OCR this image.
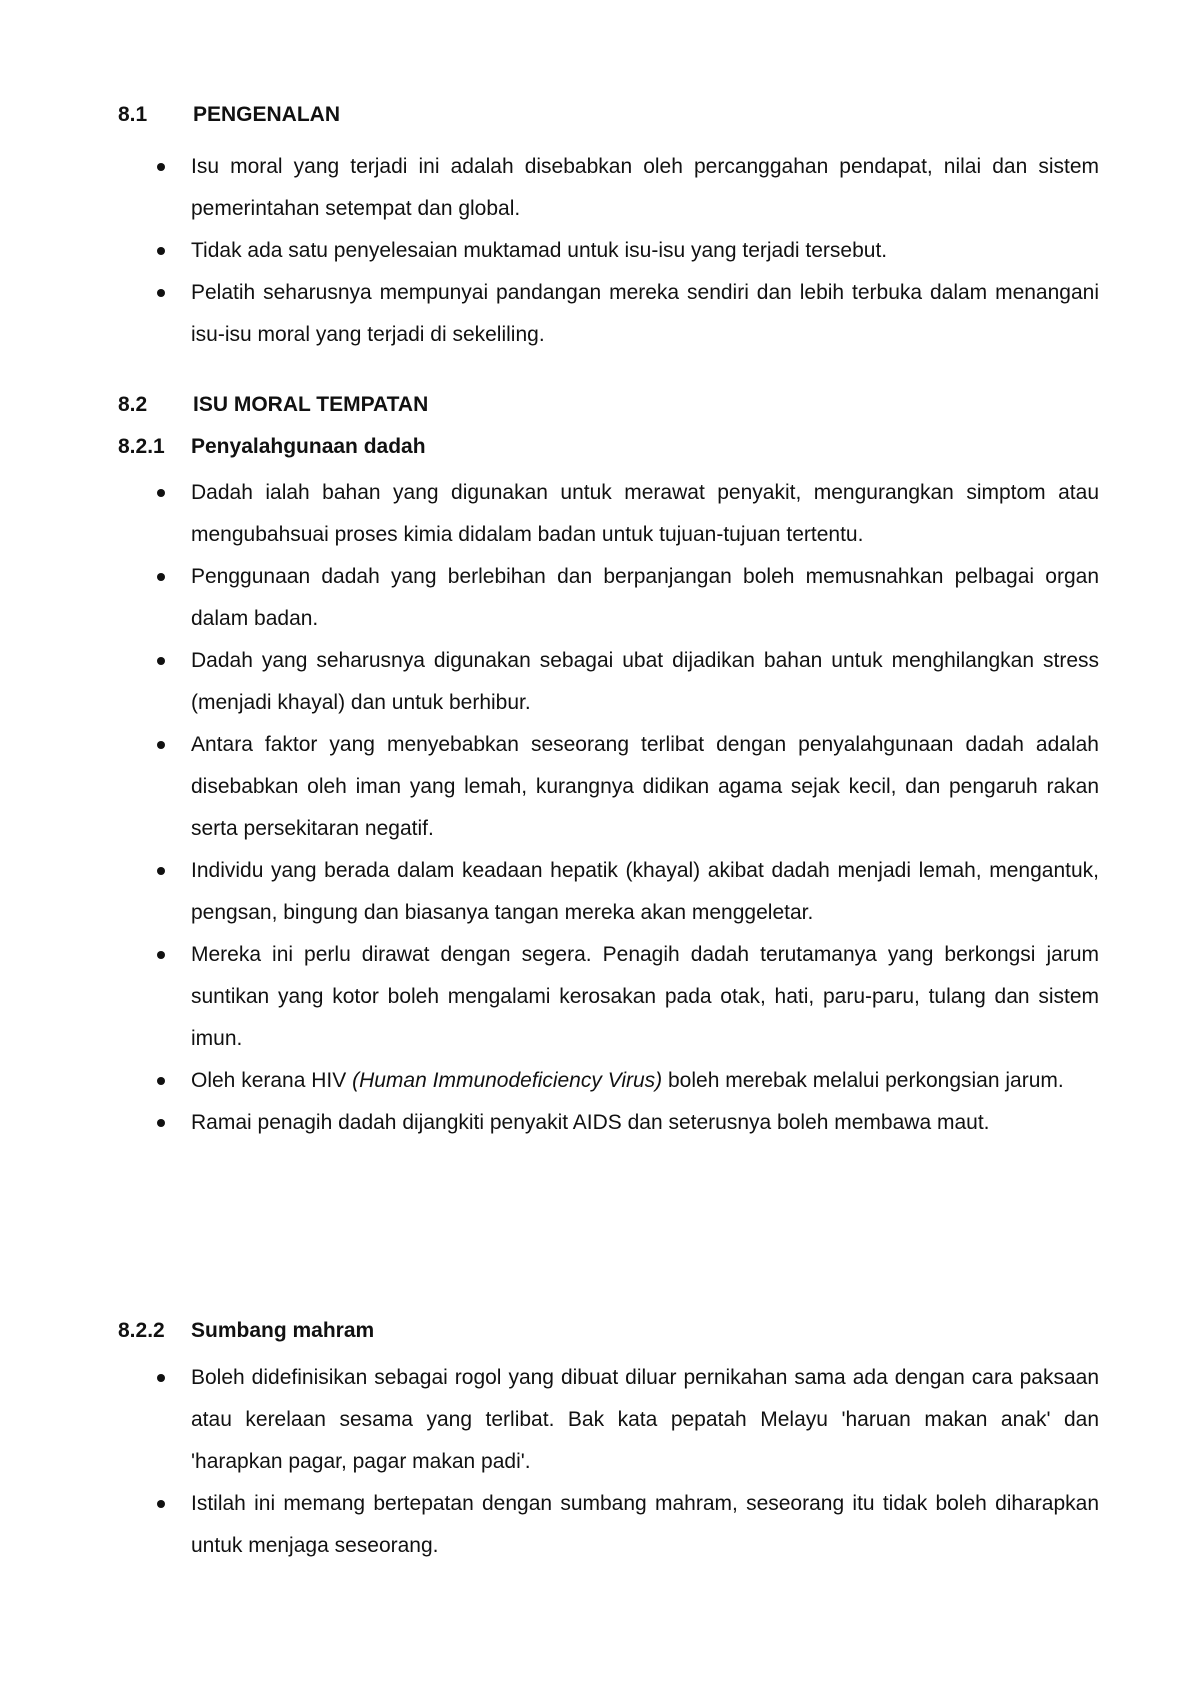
8.1 PENGENALAN
Isu moral yang terjadi ini adalah disebabkan oleh percanggahan pendapat, nilai dan sistem pemerintahan setempat dan global.
Tidak ada satu penyelesaian muktamad untuk isu-isu yang terjadi tersebut.
Pelatih seharusnya mempunyai pandangan mereka sendiri dan lebih terbuka dalam menangani isu-isu moral yang terjadi di sekeliling.
8.2 ISU MORAL TEMPATAN
8.2.1 Penyalahgunaan dadah
Dadah ialah bahan yang digunakan untuk merawat penyakit, mengurangkan simptom atau mengubahsuai proses kimia didalam badan untuk tujuan-tujuan tertentu.
Penggunaan dadah yang berlebihan dan berpanjangan boleh memusnahkan pelbagai organ dalam badan.
Dadah yang seharusnya digunakan sebagai ubat dijadikan bahan untuk menghilangkan stress (menjadi khayal) dan untuk berhibur.
Antara faktor yang menyebabkan seseorang terlibat dengan penyalahgunaan dadah adalah disebabkan oleh iman yang lemah, kurangnya didikan agama sejak kecil, dan pengaruh rakan serta persekitaran negatif.
Individu yang berada dalam keadaan hepatik (khayal) akibat dadah menjadi lemah, mengantuk, pengsan, bingung dan biasanya tangan mereka akan menggeletar.
Mereka ini perlu dirawat dengan segera. Penagih dadah terutamanya yang berkongsi jarum suntikan yang kotor boleh mengalami kerosakan pada otak, hati, paru-paru, tulang dan sistem imun.
Oleh kerana HIV (Human Immunodeficiency Virus) boleh merebak melalui perkongsian jarum.
Ramai penagih dadah dijangkiti penyakit AIDS dan seterusnya boleh membawa maut.
8.2.2 Sumbang mahram
Boleh didefinisikan sebagai rogol yang dibuat diluar pernikahan sama ada dengan cara paksaan atau kerelaan sesama yang terlibat. Bak kata pepatah Melayu 'haruan makan anak' dan 'harapkan pagar, pagar makan padi'.
Istilah ini memang bertepatan dengan sumbang mahram, seseorang itu tidak boleh diharapkan untuk menjaga seseorang.
